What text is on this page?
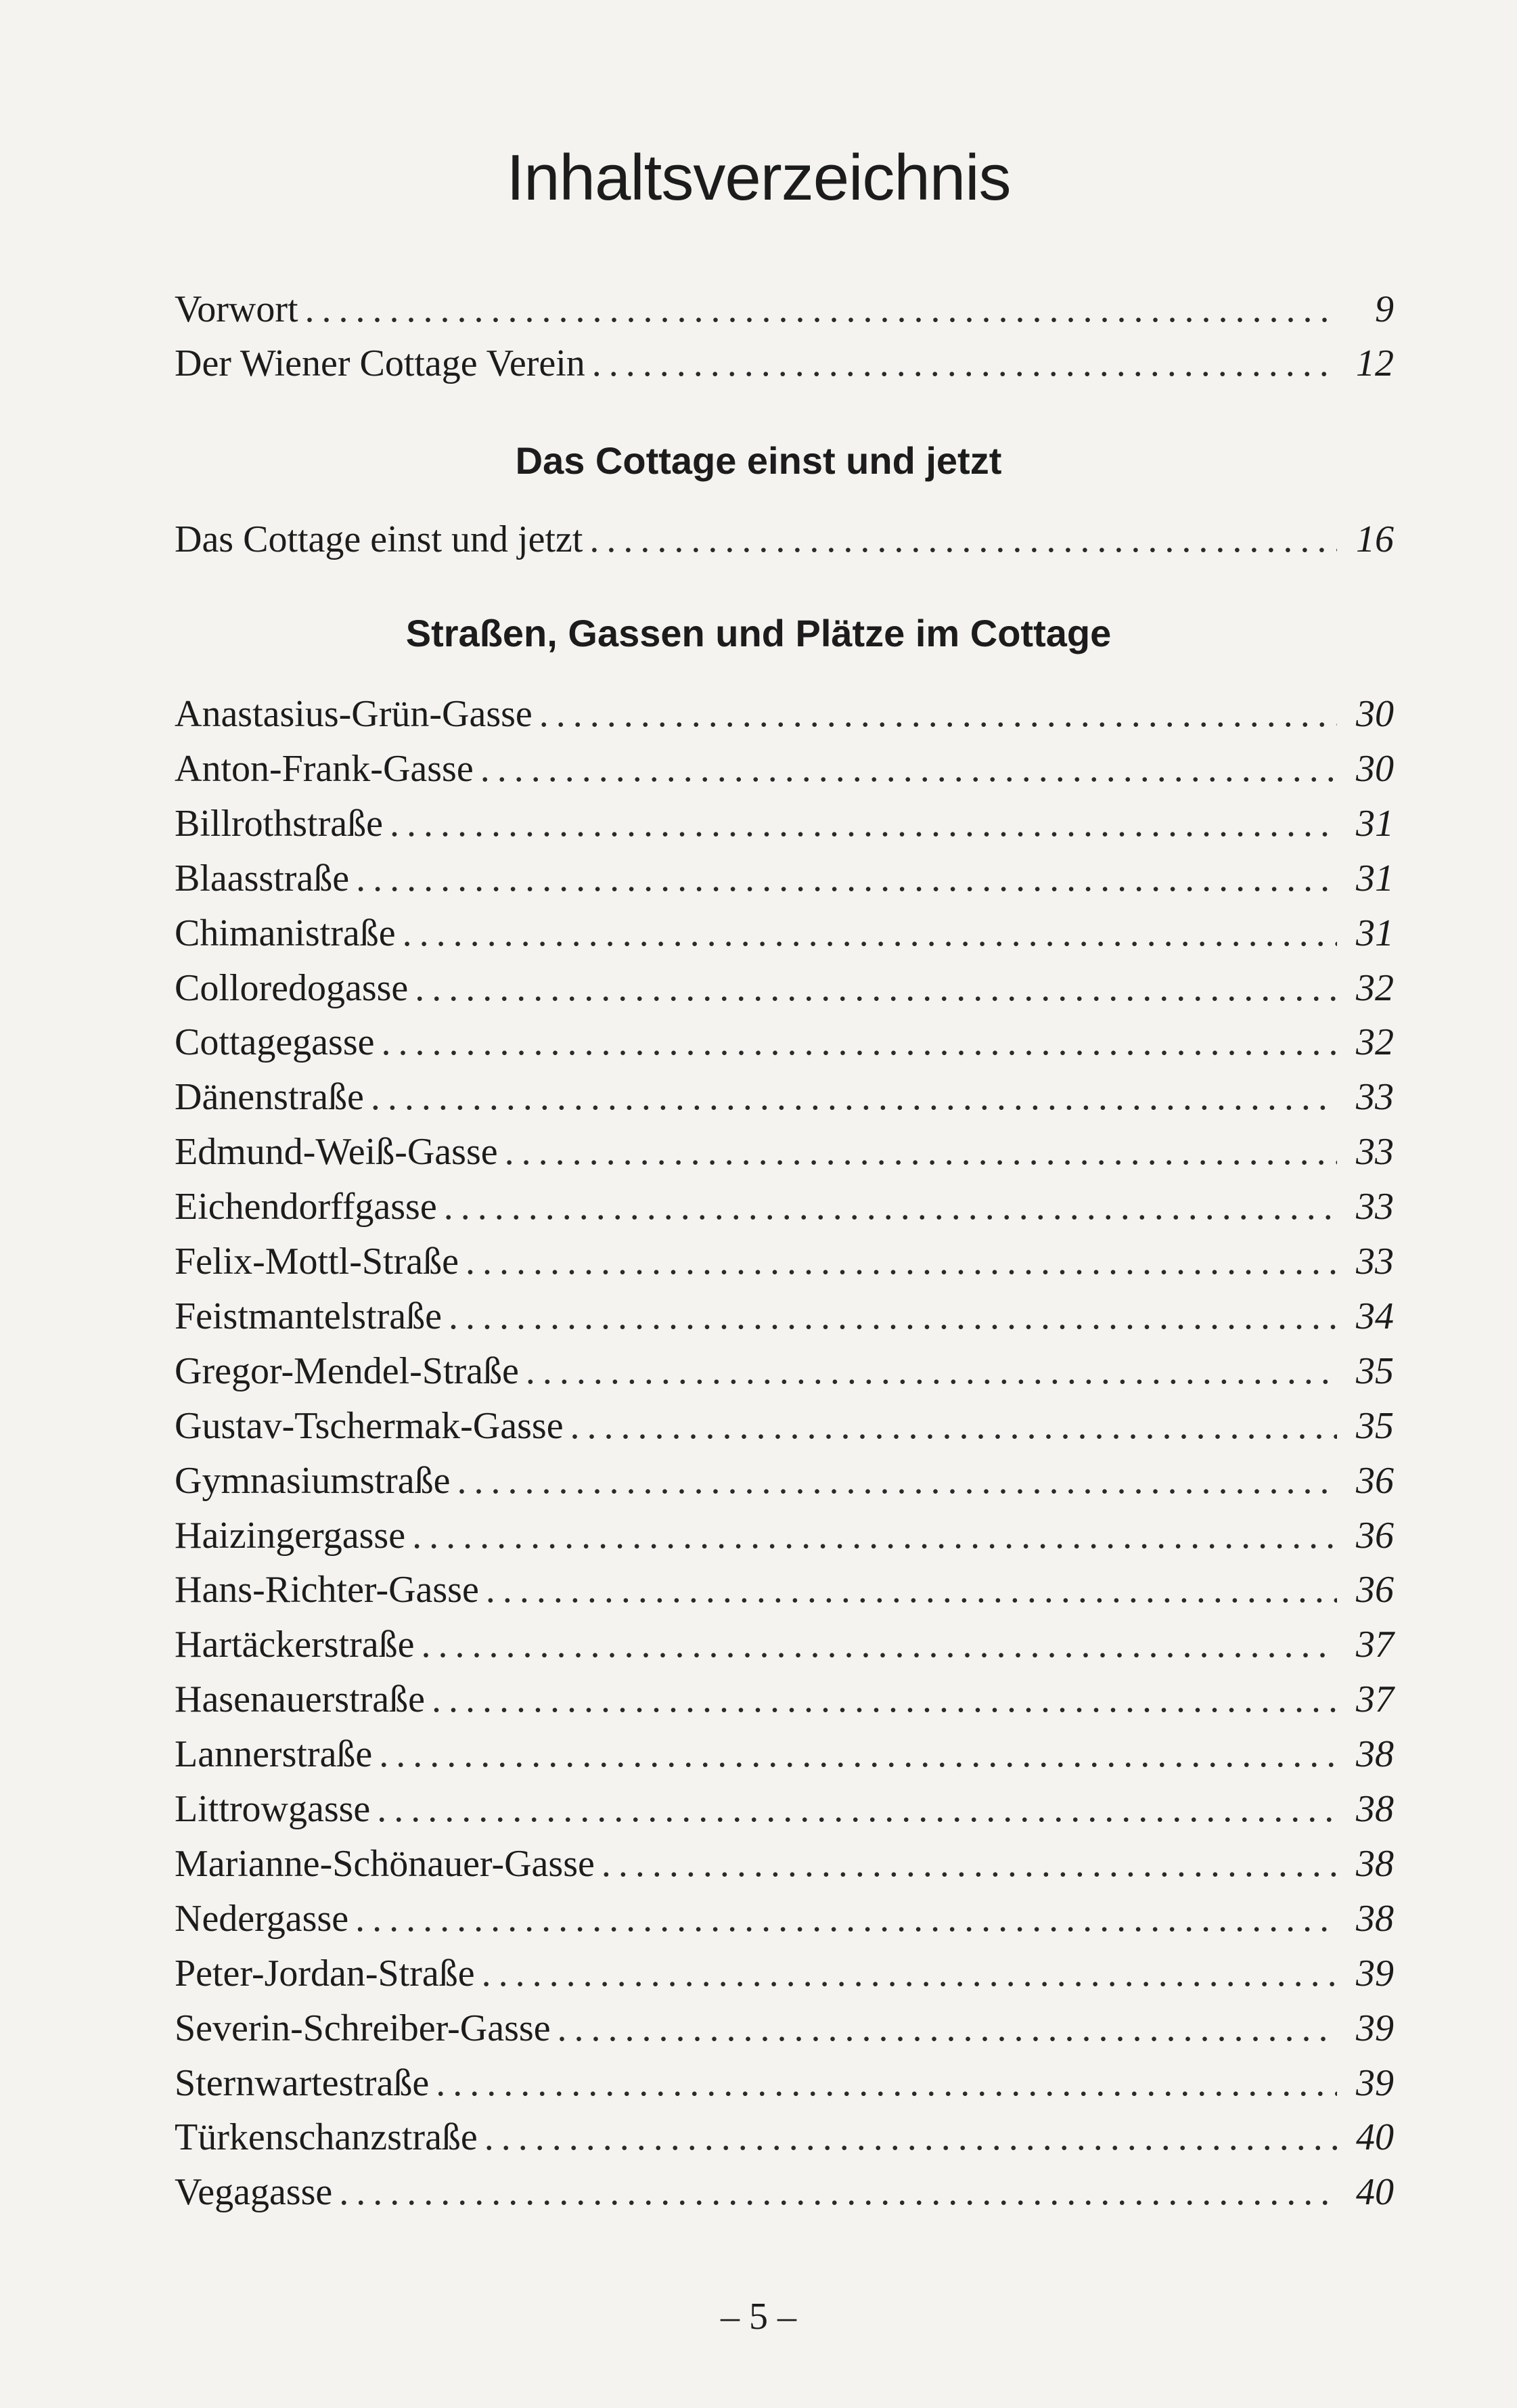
Inhaltsverzeichnis
Vorwort .....	9
Der Wiener Cottage Verein .....	12
Das Cottage einst und jetzt
Das Cottage einst und jetzt .....	16
Straßen, Gassen und Plätze im Cottage
Anastasius-Grün-Gasse .....	30
Anton-Frank-Gasse .....	30
Billrothstraße .....	31
Blaasstraße .....	31
Chimanistraße .....	31
Colloredogasse .....	32
Cottagegasse .....	32
Dänenstraße .....	33
Edmund-Weiß-Gasse .....	33
Eichendorffgasse .....	33
Felix-Mottl-Straße .....	33
Feistmantelstraße .....	34
Gregor-Mendel-Straße .....	35
Gustav-Tschermak-Gasse .....	35
Gymnasiumstraße .....	36
Haizingergasse .....	36
Hans-Richter-Gasse .....	36
Hartäckerstraße .....	37
Hasenauerstraße .....	37
Lannerstraße .....	38
Littrowgasse .....	38
Marianne-Schönauer-Gasse .....	38
Nedergasse .....	38
Peter-Jordan-Straße .....	39
Severin-Schreiber-Gasse .....	39
Sternwartestraße .....	39
Türkenschanzstraße .....	40
Vegagasse .....	40
– 5 –
